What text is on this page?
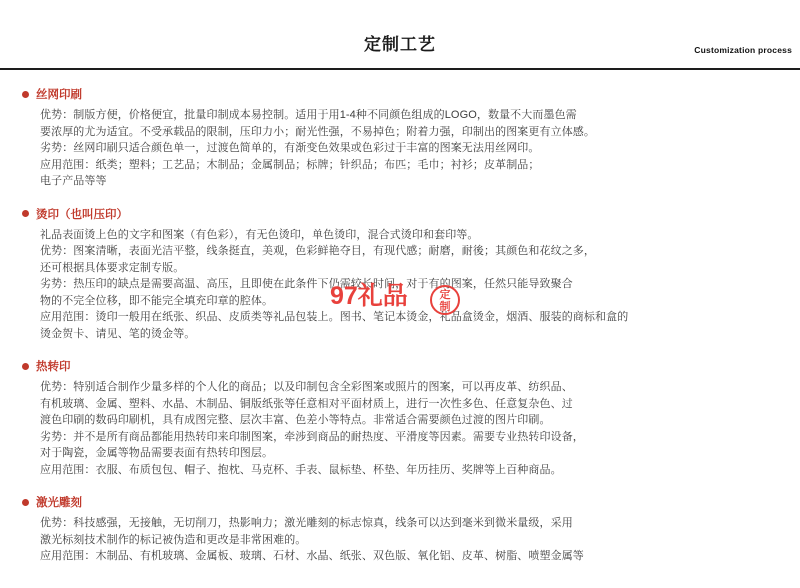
定制工艺	Customization process
丝网印刷

优势：制版方便，价格便宜，批量印制成本易控制。适用于用1-4种不同颜色组成的LOGO，数量不大而墨色需

要浓厚的尤为适宜。不受承载品的限制，压印力小；耐光性强，不易掉色；附着力强，印制出的图案更有立体感。

劣势：丝网印刷只适合颜色单一，过渡色简单的，有渐变色效果或色彩过于丰富的图案无法用丝网印。

应用范围：纸类；塑料；工艺品；木制品；金属制品；标牌；针织品；布匹；毛巾；衬衫；皮革制品；

电子产品等等

烫印（也叫压印）

礼品表面烫上色的文字和图案（有色彩），有无色烫印，单色烫印，混合式烫印和套印等。

优势：图案清晰，表面光洁平整，线条挺直，美观，色彩鲜艳夺目，有现代感；耐磨，耐後；其颜色和花纹之多，

还可根据具体要求定制专版。

劣势：热压印的缺点是需要高温、高压，且即使在此条件下仍需较长时间，对于有的图案，任然只能导致聚合

物的不完全位移，即不能完全填充印章的腔体。

应用范围：烫印一般用在纸张、织品、皮质类等礼品包装上。图书、笔记本烫金，礼品盒烫金，烟酒、服装的商标和盒的

烫金贺卡、请见、笔的烫金等。

热转印

优势：特别适合制作少量多样的个人化的商品；以及印制包含全彩图案或照片的图案，可以再皮革、纺织品、

有机玻璃、金属、塑料、水晶、木制品、铜版纸张等任意相对平面材质上，进行一次性多色、任意复杂色、过

渡色印刷的数码印刷机，具有成图完整、层次丰富、色差小等特点。非常适合需要颜色过渡的图片印刷。

劣势：并不是所有商品都能用热转印来印制图案，牵涉到商品的耐热度、平滑度等因素。需要专业热转印设备，

对于陶瓷，金属等物品需要表面有热转印图层。

应用范围：衣服、布质包包、帽子、抱枕、马克杯、手表、鼠标垫、杯垫、年历挂历、奖牌等上百种商品。

激光雕刻

优势：科技感强，无接触，无切削刀，热影响力；激光雕刻的标志惊真，线条可以达到毫米到微米量级，采用

激光标刻技术制作的标记被伪造和更改是非常困难的。

应用范围：木制品、有机玻璃、金属板、玻璃、石材、水晶、纸张、双色版、氧化铝、皮革、树脂、喷塑金属等

97礼品	定
制
